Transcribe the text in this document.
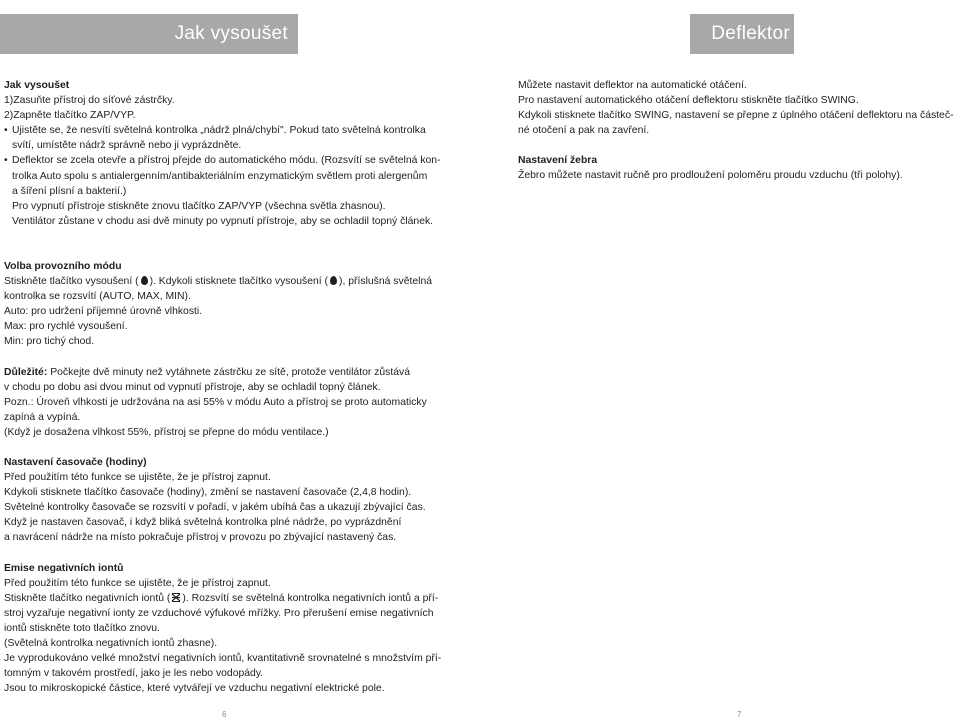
Jak vysoušet	Deflektor
Jak vysoušet
1)Zasuňte přístroj do síťové zástrčky.
2)Zapněte tlačítko ZAP/VYP.
• Ujistěte se, že nesvítí světelná kontrolka „nádrž plná/chybí". Pokud tato světelná kontrolka
svítí, umístěte nádrž správně nebo ji vyprázdněte.
• Deflektor se zcela otevře a přístroj přejde do automatického módu. (Rozsvítí se světelná kon-
trolka Auto spolu s antialergenním/antibakteriálním enzymatickým světlem proti alergenům
a šíření plísní a bakterií.)
Pro vypnutí přístroje stiskněte znovu tlačítko ZAP/VYP (všechna světla zhasnou).
Ventilátor zůstane v chodu asi dvě minuty po vypnutí přístroje, aby se ochladil topný článek.
Volba provozního módu
Stiskněte tlačítko vysoušení ( ). Kdykoli stisknete tlačítko vysoušení ( ), příslušná světelná
kontrolka se rozsvítí (AUTO, MAX, MIN).
Auto: pro udržení příjemné úrovně vlhkosti.
Max: pro rychlé vysoušení.
Min: pro tichý chod.
Důležité: Počkejte dvě minuty než vytáhnete zástrčku ze sítě, protože ventilátor zůstává
v chodu po dobu asi dvou minut od vypnutí přístroje, aby se ochladil topný článek.
Pozn.: Úroveň vlhkosti je udržována na asi 55% v módu Auto a přístroj se proto automaticky
zapíná a vypíná.
(Když je dosažena vlhkost 55%, přístroj se přepne do módu ventilace.)
Nastavení časovače (hodiny)
Před použitím této funkce se ujistěte, že je přístroj zapnut.
Kdykoli stisknete tlačítko časovače (hodiny), změní se nastavení časovače (2,4,8 hodin).
Světelné kontrolky časovače se rozsvítí v pořadí, v jakém ubíhá čas a ukazují zbývající čas.
Když je nastaven časovač, i když bliká světelná kontrolka plné nádrže, po vyprázdnění
a navrácení nádrže na místo pokračuje přístroj v provozu po zbývající nastavený čas.
Emise negativních iontů
Před použitím této funkce se ujistěte, že je přístroj zapnut.
Stiskněte tlačítko negativních iontů ( ). Rozsvítí se světelná kontrolka negativních iontů a pří-
stroj vyzařuje negativní ionty ze vzduchové výfukové mřížky. Pro přerušení emise negativních
iontů stiskněte toto tlačítko znovu.
(Světelná kontrolka negativních iontů zhasne).
Je vyprodukováno velké množství negativních iontů, kvantitativně srovnatelné s množstvím pří-
tomným v takovém prostředí, jako je les nebo vodopády.
Jsou to mikroskopické částice, které vytvářejí ve vzduchu negativní elektrické pole.
Můžete nastavit deflektor na automatické otáčení.
Pro nastavení automatického otáčení deflektoru stiskněte tlačítko SWING.
Kdykoli stisknete tlačítko SWING, nastavení se přepne z úplného otáčení deflektoru na částeč-
né otočení a pak na zavření.
Nastavení žebra
Žebro můžete nastavit ručně pro prodloužení poloměru proudu vzduchu (tři polohy).
6	7
